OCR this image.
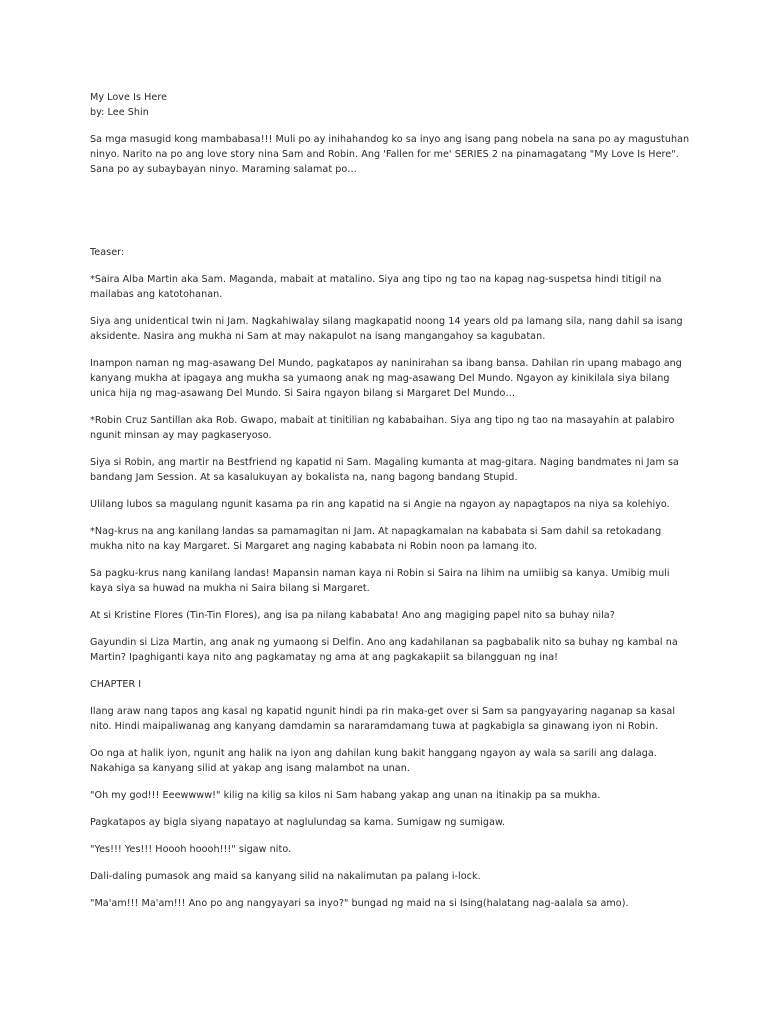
My Love Is Here

by: Lee Shin

Sa mga masugid kong mambabasa!!! Muli po ay inihahandog ko sa inyo ang isang pang nobela na sana po ay magustuhan ninyo. Narito na po ang love story nina Sam and Robin. Ang 'Fallen for me' SERIES 2 na pinamagatang "My Love Is Here". Sana po ay subaybayan ninyo. Maraming salamat po…

Teaser:

*Saira Alba Martin aka Sam. Maganda, mabait at matalino. Siya ang tipo ng tao na kapag nag-suspetsa hindi titigil na mailabas ang katotohanan.

Siya ang unidentical twin ni Jam. Nagkahiwalay silang magkapatid noong 14 years old pa lamang sila, nang dahil sa isang aksidente. Nasira ang mukha ni Sam at may nakapulot na isang mangangahoy sa kagubatan.

Inampon naman ng mag-asawang Del Mundo, pagkatapos ay naninirahan sa ibang bansa. Dahilan rin upang mabago ang kanyang mukha at ipagaya ang mukha sa yumaong anak ng mag-asawang Del Mundo. Ngayon ay kinikilala siya bilang unica hija ng mag-asawang Del Mundo. Si Saira ngayon bilang si Margaret Del Mundo…

*Robin Cruz Santillan aka Rob. Gwapo, mabait at tinitilian ng kababaihan. Siya ang tipo ng tao na masayahin at palabiro ngunit minsan ay may pagkaseryoso.

Siya si Robin, ang martir na Bestfriend ng kapatid ni Sam. Magaling kumanta at mag-gitara. Naging bandmates ni Jam sa bandang Jam Session. At sa kasalukuyan ay bokalista na, nang bagong bandang Stupid.

Ulilang lubos sa magulang ngunit kasama pa rin ang kapatid na si Angie na ngayon ay napagtapos na niya sa kolehiyo.

*Nag-krus na ang kanilang landas sa pamamagitan ni Jam. At napagkamalan na kababata si Sam dahil sa retokadang mukha nito na kay Margaret. Si Margaret ang naging kababata ni Robin noon pa lamang ito.

Sa pagku-krus nang kanilang landas! Mapansin naman kaya ni Robin si Saira na lihim na umiibig sa kanya. Umibig muli kaya siya sa huwad na mukha ni Saira bilang si Margaret.

At si Kristine Flores (Tin-Tin Flores), ang isa pa nilang kababata! Ano ang magiging papel nito sa buhay nila?

Gayundin si Liza Martin, ang anak ng yumaong si Delfin. Ano ang kadahilanan sa pagbabalik nito sa buhay ng kambal na Martin? Ipaghiganti kaya nito ang pagkamatay ng ama at ang pagkakapiit sa bilangguan ng ina!

CHAPTER I

Ilang araw nang tapos ang kasal ng kapatid ngunit hindi pa rin maka-get over si Sam sa pangyayaring naganap sa kasal nito. Hindi maipaliwanag ang kanyang damdamin sa nararamdamang tuwa at pagkabigla sa ginawang iyon ni Robin.

Oo nga at halik iyon, ngunit ang halik na iyon ang dahilan kung bakit hanggang ngayon ay wala sa sarili ang dalaga. Nakahiga sa kanyang silid at yakap ang isang malambot na unan.

"Oh my god!!! Eeewwww!" kilig na kilig sa kilos ni Sam habang yakap ang unan na itinakip pa sa mukha.

Pagkatapos ay bigla siyang napatayo at naglulundag sa kama. Sumigaw ng sumigaw.

"Yes!!! Yes!!! Hoooh hoooh!!!" sigaw nito.

Dali-daling pumasok ang maid sa kanyang silid na nakalimutan pa palang i-lock.

"Ma'am!!! Ma'am!!! Ano po ang nangyayari sa inyo?" bungad ng maid na si Ising(halatang nag-aalala sa amo).
